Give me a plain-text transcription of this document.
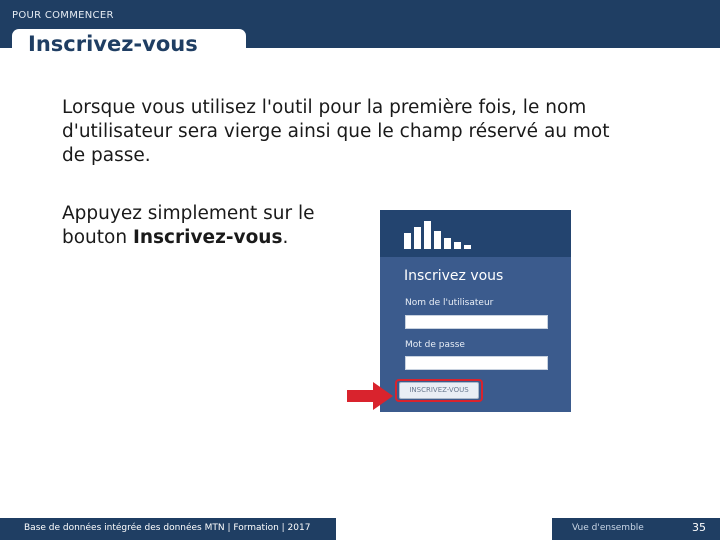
POUR COMMENCER
Inscrivez-vous

Lorsque vous utilisez l'outil pour la première fois, le nom d'utilisateur sera vierge ainsi que le champ réservé au mot de passe.

Appuyez simplement sur le bouton Inscrivez-vous.

Inscrivez vous
Nom de l'utilisateur
Mot de passe
INSCRIVEZ-VOUS
Base de données intégrée des données MTN | Formation | 2017	Vue d'ensemble	35
